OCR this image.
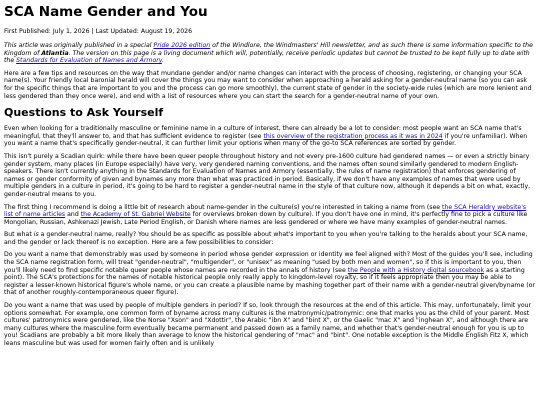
SCA Name Gender and You
First Published: July 1, 2026 | Last Updated: August 19, 2026

This article was originally published in a special Pride 2026 edition of the Windlore, the Windmasters' Hill newsletter, and as such there is some information specific to the Kingdom of Atlantia. The version on this page is a living document which will, potentially, receive periodic updates but cannot be trusted to be kept fully up to date with the Standards for Evaluation of Names and Armory.

Here are a few tips and resources on the way that mundane gender and/or name changes can interact with the process of choosing, registering, or changing your SCA name(s). Your friendly local baronial herald will cover the things you may want to consider when approaching a herald asking for a gender-neutral name (so you can ask for the specific things that are important to you and the process can go more smoothly), the current state of gender in the society-wide rules (which are more lenient and less gendered than they once were), and end with a list of resources where you can start the search for a gender-neutral name of your own.

Questions to Ask Yourself

Even when looking for a traditionally masculine or feminine name in a culture of interest, there can already be a lot to consider: most people want an SCA name that's meaningful, that they'll answer to, and that has sufficient evidence to register (see this overview of the registration process as it was in 2024 if you're unfamiliar). When you want a name that's specifically gender-neutral, it can further limit your options when many of the go-to SCA references are sorted by gender.

This isn't purely a Scadian quirk: while there have been queer people throughout history and not every pre-1600 culture had gendered names — or even a strictly binary gender system, many places (in Europe especially) have very, very gendered naming conventions, and the names often sound similarly gendered to modern English-speakers. There isn't currently anything in the Standards for Evaluation of Names and Armory (essentially, the rules of name registration) that enforces gendering of names or gender conformity of given and bynames any more than what was practiced in period. Basically, if we don't have any examples of names that were used by multiple genders in a culture in period, it's going to be hard to register a gender-neutral name in the style of that culture now, although it depends a bit on what, exactly, gender-neutral means to you.

The first thing I recommend is doing a little bit of research about name-gender in the culture(s) you're interested in taking a name from (see the SCA Heraldry website's list of name articles and the Academy of St. Gabriel Website for overviews broken down by culture). If you don't have one in mind, it's perfectly fine to pick a culture like Mongolian, Russian, Ashkenazi Jewish, Late Period English, or Danish where names are less gendered or where we have many examples of gender-neutral names.

But what is a gender-neutral name, really? You should be as specific as possible about what's important to you when you're talking to the heralds about your SCA name, and the gender or lack thereof is no exception. Here are a few possibilities to consider:

Do you want a name that demonstrably was used by someone in period whose gender expression or identity we feel aligned with? Most of the guides you'll see, including the SCA name registration form, will treat "gender-neutral", "multigender", or "unisex" as meaning "used by both men and women", so if this is important to you, then you'll likely need to find specific notable queer people whose names are recorded in the annals of history (see the People with a History digital sourcebook as a starting point). The SCA's protections for the names of notable historical people only really apply to kingdom-level royalty, so if it feels appropriate then you may be able to register a lesser-known historical figure's whole name, or you can create a plausible name by mashing together part of their name with a gender-neutral given/byname (or that of another roughly-contemporaneous queer figure).

Do you want a name that was used by people of multiple genders in period? If so, look through the resources at the end of this article. This may, unfortunately, limit your options somewhat. For example, one common form of byname across many cultures is the matronymic/patronymic: one that marks you as the child of your parent. Most cultures' patronymics were gendered, like the Norse "Xson" and "Xdottir", the Arabic "ibn X" and "bint X", or the Gaelic "mac X" and "inghean X", and although there are many cultures where the masculine form eventually became permanent and passed down as a family name, and whether that's gender-neutral enough for you is up to you! Scadians are probably a bit more likely than average to know the historical gendering of "mac" and "bint". One notable exception is the Middle English Fitz X, which leans masculine but was used for women fairly often and is unlikely
